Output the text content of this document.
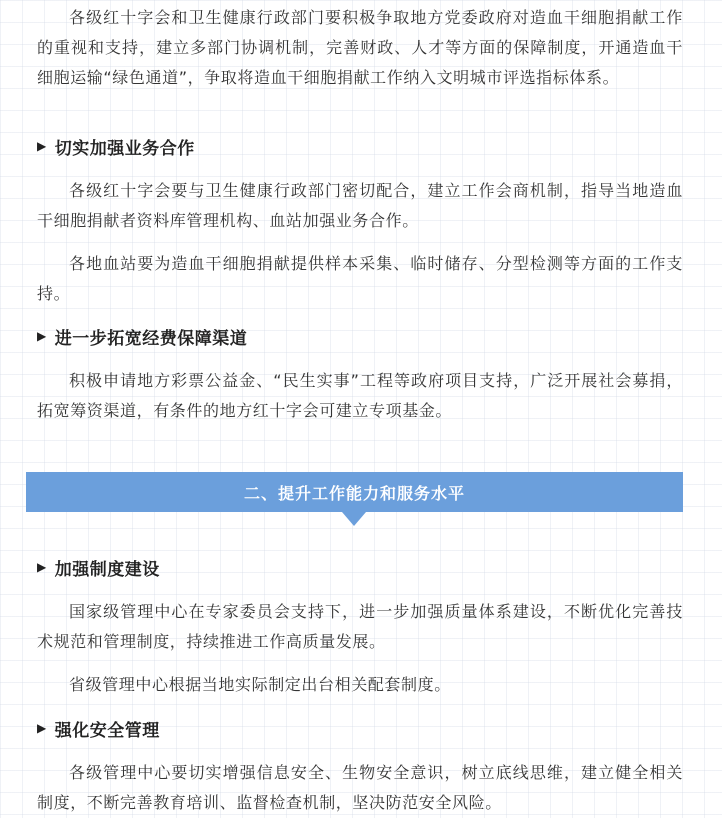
各级红十字会和卫生健康行政部门要积极争取地方党委政府对造血干细胞捐献工作的重视和支持，建立多部门协调机制，完善财政、人才等方面的保障制度，开通造血干细胞运输“绿色通道”，争取将造血干细胞捐献工作纳入文明城市评选指标体系。

▶ 切实加强业务合作

各级红十字会要与卫生健康行政部门密切配合，建立工作会商机制，指导当地造血干细胞捐献者资料库管理机构、血站加强业务合作。

各地血站要为造血干细胞捐献提供样本采集、临时储存、分型检测等方面的工作支持。

▶ 进一步拓宽经费保障渠道

积极申请地方彩票公益金、“民生实事”工程等政府项目支持，广泛开展社会募捐，拓宽筹资渠道，有条件的地方红十字会可建立专项基金。

二、提升工作能力和服务水平
▶ 加强制度建设

国家级管理中心在专家委员会支持下，进一步加强质量体系建设，不断优化完善技术规范和管理制度，持续推进工作高质量发展。

省级管理中心根据当地实际制定出台相关配套制度。

▶ 强化安全管理

各级管理中心要切实增强信息安全、生物安全意识，树立底线思维，建立健全相关制度，不断完善教育培训、监督检查机制，坚决防范安全风险。
